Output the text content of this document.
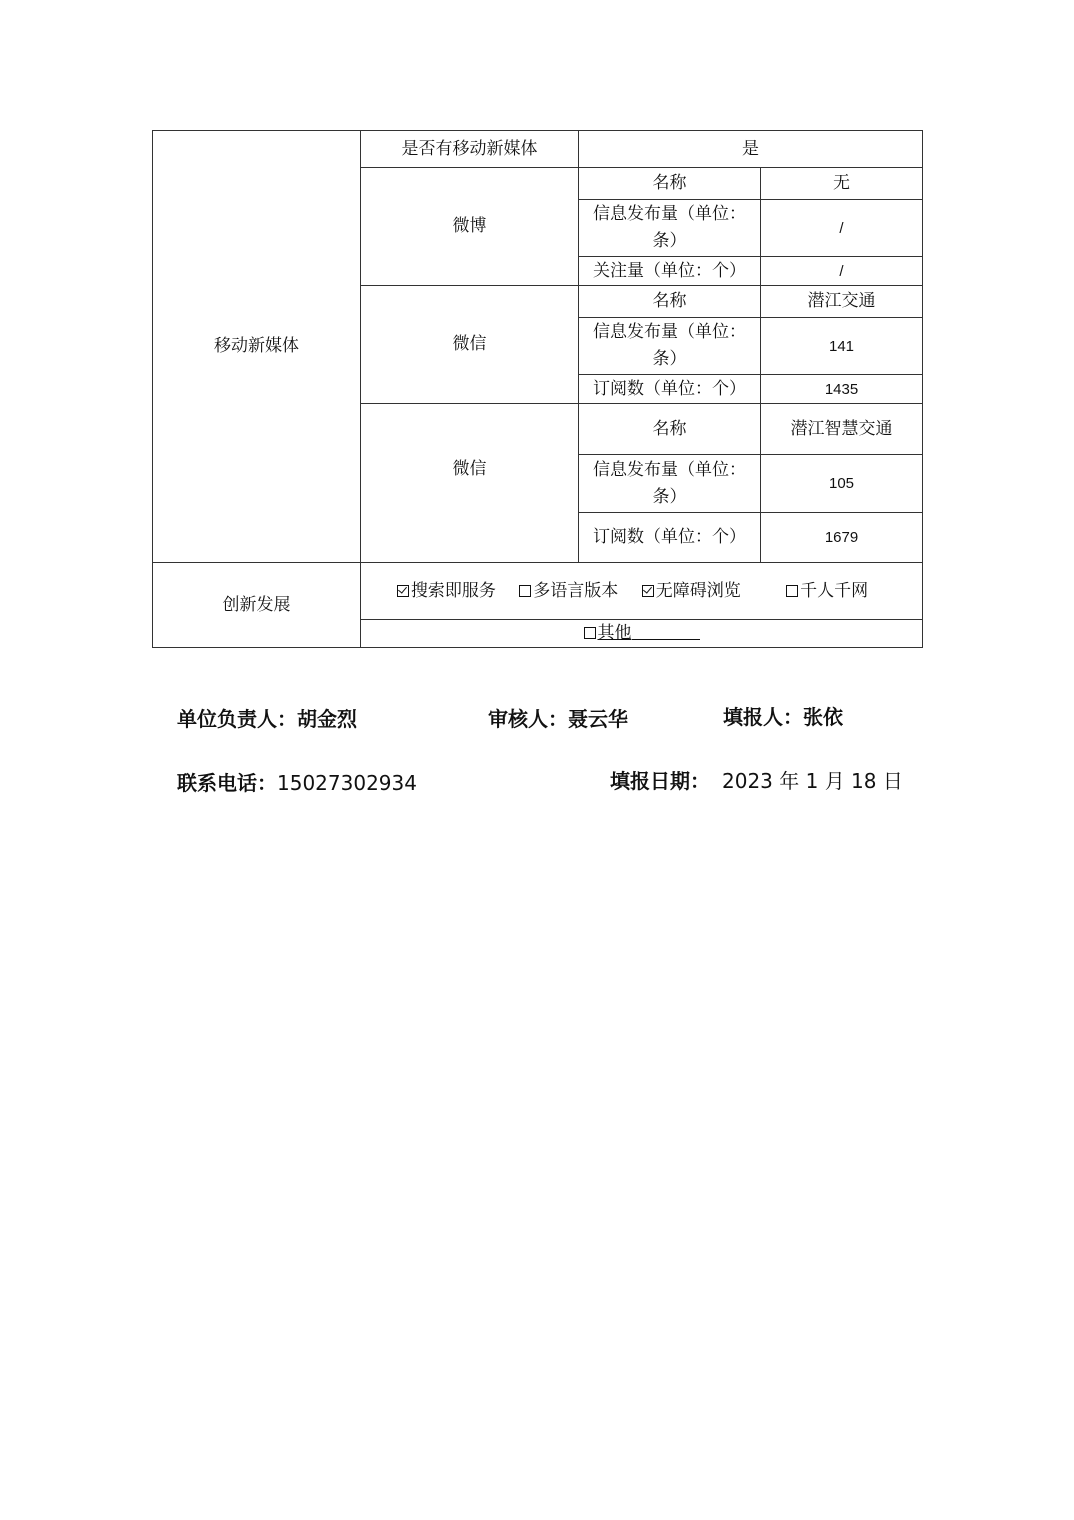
移动新媒体	是否有移动新媒体	是	
	微博	名称	无
		信息发布量（单位：条）	/
		关注量（单位：个）	/
	微信	名称	潜江交通
		信息发布量（单位：条）	141
		订阅数（单位：个）	1435
	微信	名称	潜江智慧交通
		信息发布量（单位：条）	105
		订阅数（单位：个）	1679
创新发展	搜索即服务 多语言版本 无障碍浏览 千人千网		
	其他		
单位负责人：胡金烈	审核人：聂云华	填报人：张依
联系电话：15027302934	填报日期： 2023 年 1 月 18 日
